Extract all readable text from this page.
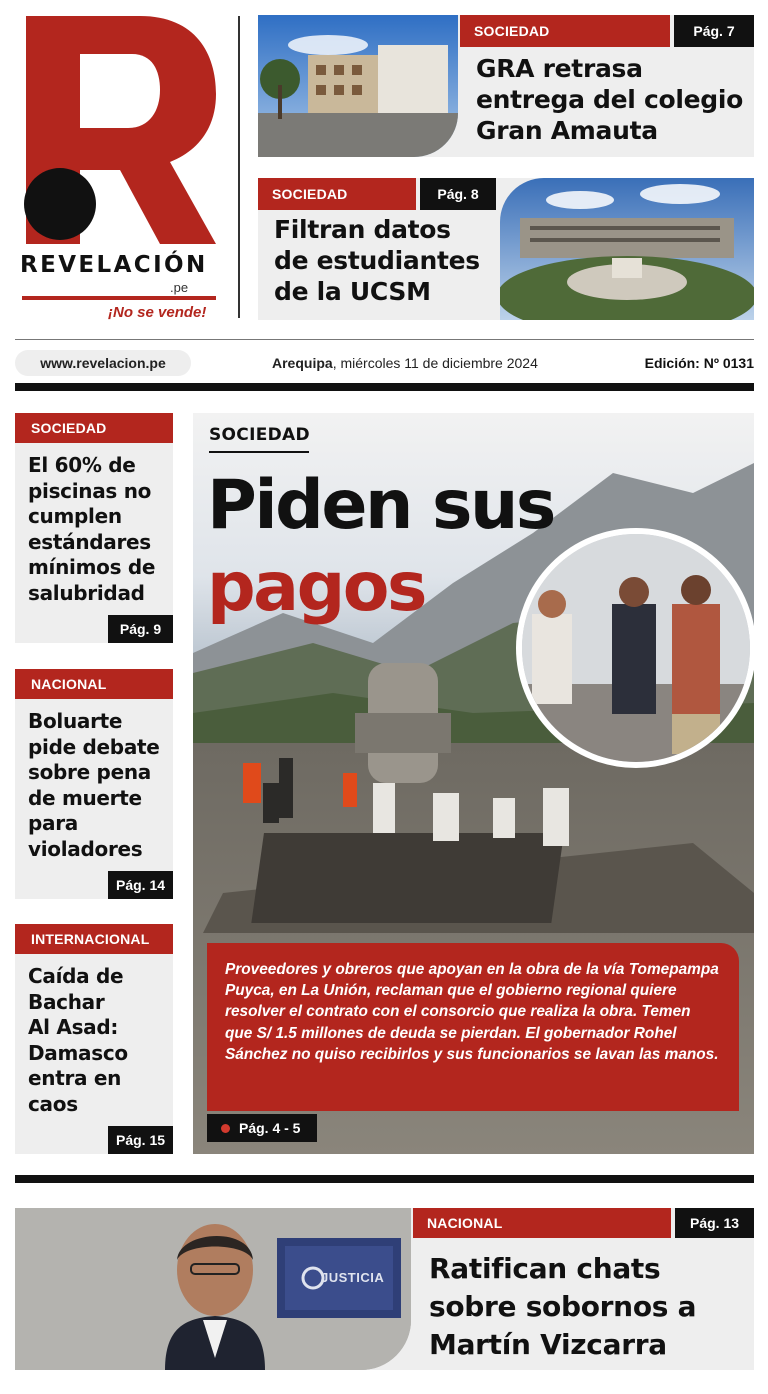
REVELACIÓN
.pe
¡No se vende!
SOCIEDAD	Pág. 7
GRA retrasa
entrega del colegio
Gran Amauta
SOCIEDAD	Pág. 8
Filtran datos
de estudiantes
de la UCSM
www.revelacion.pe	Arequipa, miércoles 11 de diciembre 2024	Edición: Nº 0131
SOCIEDAD
El 60% de
piscinas no
cumplen
estándares
mínimos de
salubridad
Pág. 9
NACIONAL
Boluarte
pide debate
sobre pena
de muerte
para
violadores
Pág. 14
INTERNACIONAL
Caída de
Bachar
Al Asad:
Damasco
entra en
caos
Pág. 15
SOCIEDAD
Piden sus
pagos
Proveedores y obreros que apoyan en la obra de la vía Tomepampa Puyca, en La Unión, reclaman que el gobierno regional quiere resolver el contrato con el consorcio que realiza la obra. Temen que S/ 1.5 millones de deuda se pierdan. El gobernador Rohel Sánchez no quiso recibirlos y sus funcionarios se lavan las manos.
Pág. 4 - 5
JUSTICIA
NACIONAL	Pág. 13
Ratifican chats
sobre sobornos a
Martín Vizcarra
